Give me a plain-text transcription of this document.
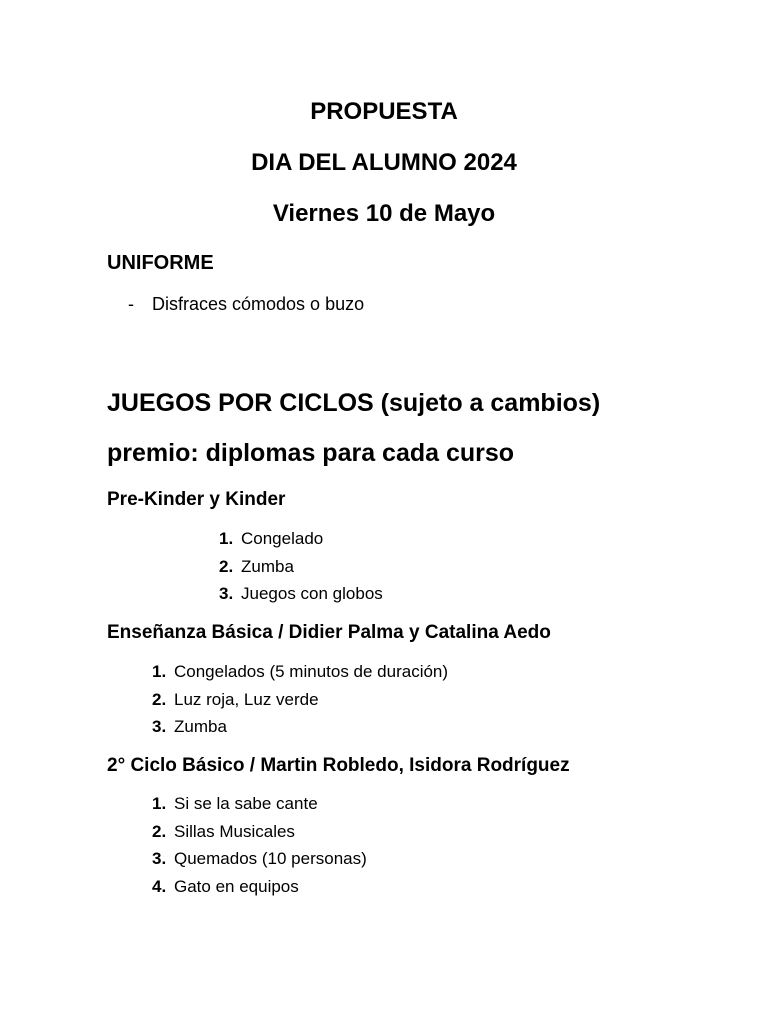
PROPUESTA
DIA DEL ALUMNO 2024
Viernes 10 de Mayo
UNIFORME
- Disfraces cómodos o buzo
JUEGOS POR CICLOS (sujeto a cambios)
premio: diplomas para cada curso
Pre-Kinder y Kinder
1. Congelado
2. Zumba
3. Juegos con globos
Enseñanza Básica / Didier Palma y Catalina Aedo
1. Congelados (5 minutos de duración)
2. Luz roja, Luz verde
3. Zumba
2° Ciclo Básico / Martin Robledo, Isidora Rodríguez
1. Si se la sabe cante
2. Sillas Musicales
3. Quemados (10 personas)
4. Gato en equipos
